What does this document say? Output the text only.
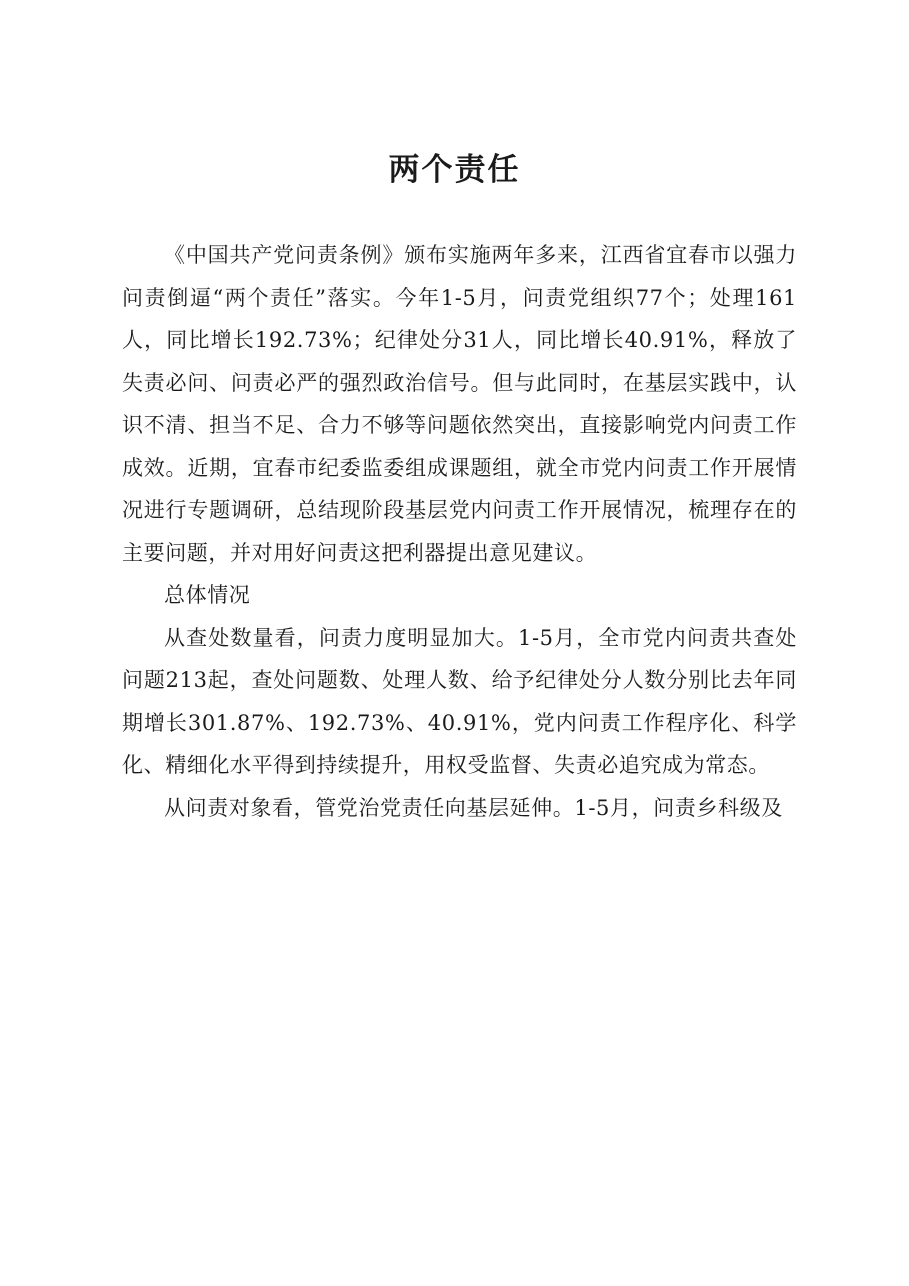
两个责任

《中国共产党问责条例》颁布实施两年多来，江西省宜春市以强力问责倒逼“两个责任”落实。今年1-5月，问责党组织77个；处理161人，同比增长192.73%；纪律处分31人，同比增长40.91%，释放了失责必问、问责必严的强烈政治信号。但与此同时，在基层实践中，认识不清、担当不足、合力不够等问题依然突出，直接影响党内问责工作成效。近期，宜春市纪委监委组成课题组，就全市党内问责工作开展情况进行专题调研，总结现阶段基层党内问责工作开展情况，梳理存在的主要问题，并对用好问责这把利器提出意见建议。

总体情况

从查处数量看，问责力度明显加大。1-5月，全市党内问责共查处问题213起，查处问题数、处理人数、给予纪律处分人数分别比去年同期增长301.87%、192.73%、40.91%，党内问责工作程序化、科学化、精细化水平得到持续提升，用权受监督、失责必追究成为常态。

从问责对象看，管党治党责任向基层延伸。1-5月，问责乡科级及
